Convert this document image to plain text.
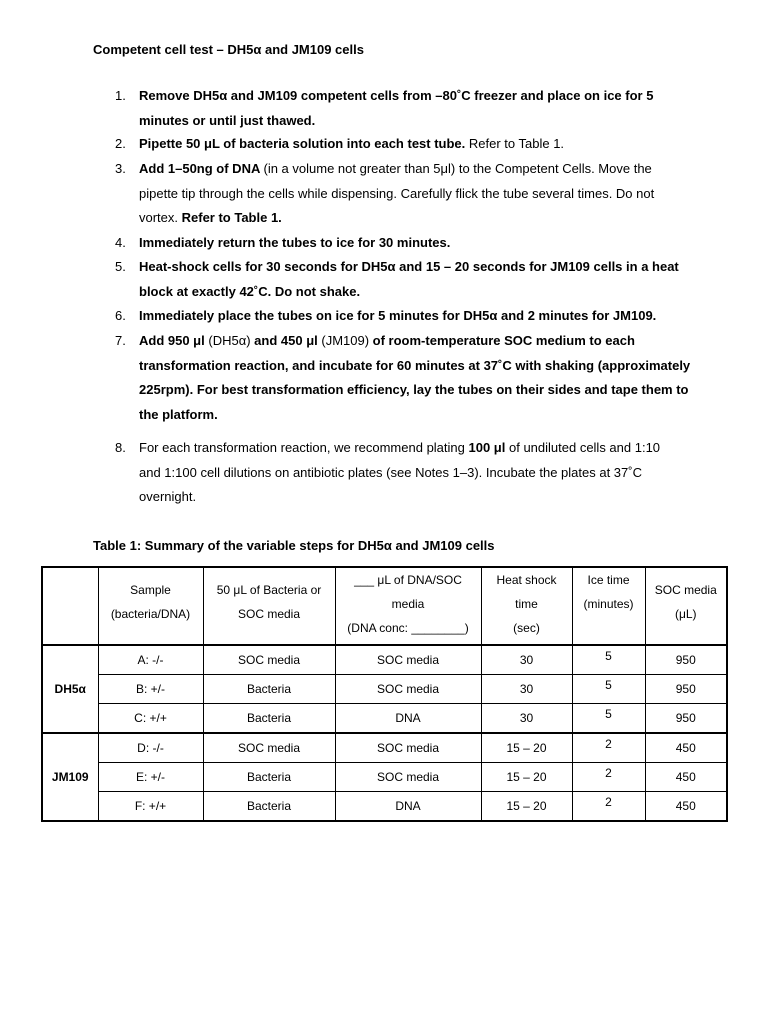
Competent cell test – DH5α and JM109 cells
1. Remove DH5α and JM109 competent cells from –80˚C freezer and place on ice for 5
minutes or until just thawed.
2. Pipette 50 μL of bacteria solution into each test tube. Refer to Table 1.
3. Add 1–50ng of DNA (in a volume not greater than 5μl) to the Competent Cells. Move the
pipette tip through the cells while dispensing. Carefully flick the tube several times. Do not
vortex. Refer to Table 1.
4. Immediately return the tubes to ice for 30 minutes.
5. Heat-shock cells for 30 seconds for DH5α and 15 – 20 seconds for JM109 cells in a heat
block at exactly 42˚C. Do not shake.
6. Immediately place the tubes on ice for 5 minutes for DH5α and 2 minutes for JM109.
7. Add 950 μl (DH5α) and 450 μl (JM109) of room-temperature SOC medium to each
transformation reaction, and incubate for 60 minutes at 37˚C with shaking (approximately
225rpm). For best transformation efficiency, lay the tubes on their sides and tape them to
the platform.
8. For each transformation reaction, we recommend plating 100 μl of undiluted cells and 1:10
and 1:100 cell dilutions on antibiotic plates (see Notes 1–3). Incubate the plates at 37˚C
overnight.
Table 1: Summary of the variable steps for DH5α and JM109 cells

	Sample
(bacteria/DNA)	50 μL of Bacteria or
SOC media	___ μL of DNA/SOC
media
(DNA conc: ________)	Heat shock
time
(sec)	Ice time
(minutes)	SOC media
(μL)

DH5α	A: -/-	SOC media	SOC media	30	5	950
	B: +/-	Bacteria	SOC media	30	5	950
	C: +/+	Bacteria	DNA	30	5	950
JM109	D: -/-	SOC media	SOC media	15 – 20	2	450
	E: +/-	Bacteria	SOC media	15 – 20	2	450
	F: +/+	Bacteria	DNA	15 – 20	2	450
